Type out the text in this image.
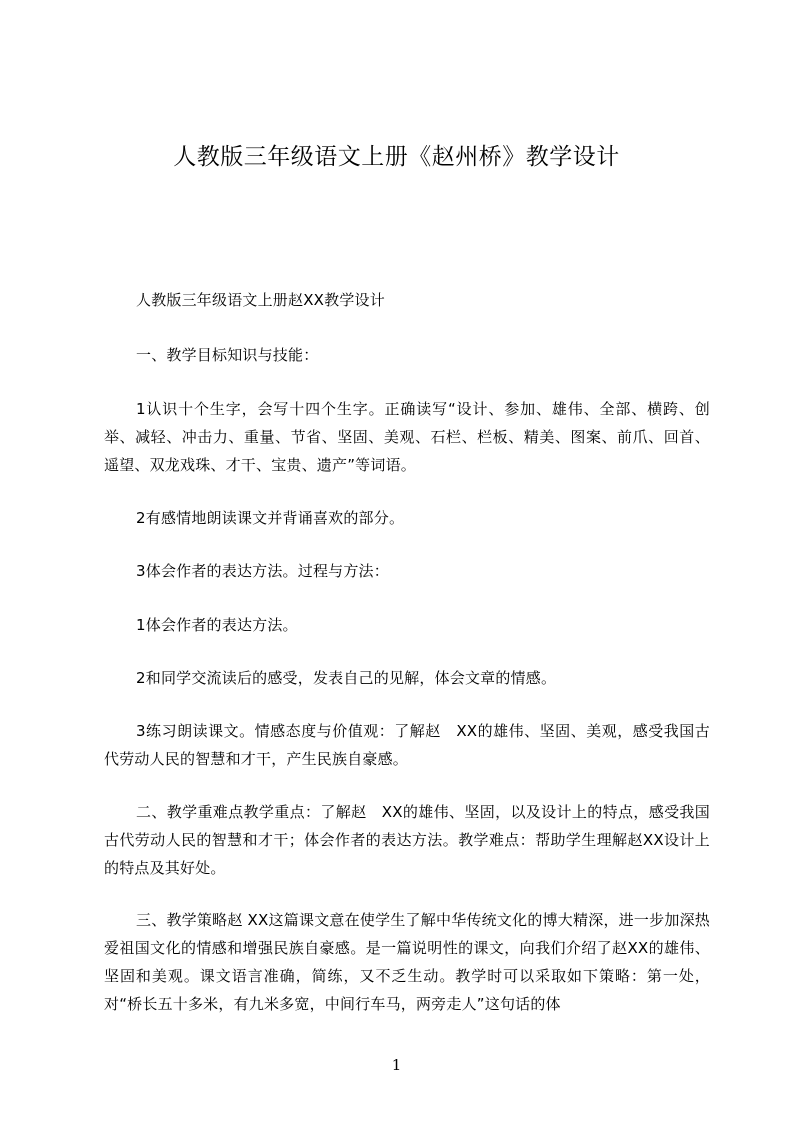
人教版三年级语文上册《赵州桥》教学设计

人教版三年级语文上册赵XX教学设计

一、教学目标知识与技能：

1认识十个生字，会写十四个生字。正确读写“设计、参加、雄伟、全部、横跨、创举、减轻、冲击力、重量、节省、坚固、美观、石栏、栏板、精美、图案、前爪、回首、遥望、双龙戏珠、才干、宝贵、遗产”等词语。

2有感情地朗读课文并背诵喜欢的部分。

3体会作者的表达方法。过程与方法：

1体会作者的表达方法。

2和同学交流读后的感受，发表自己的见解，体会文章的情感。

3练习朗读课文。情感态度与价值观：了解赵　XX的雄伟、坚固、美观，感受我国古代劳动人民的智慧和才干，产生民族自豪感。

二、教学重难点教学重点：了解赵　XX的雄伟、坚固，以及设计上的特点，感受我国古代劳动人民的智慧和才干；体会作者的表达方法。教学难点：帮助学生理解赵XX设计上的特点及其好处。

三、教学策略赵 XX这篇课文意在使学生了解中华传统文化的博大精深，进一步加深热爱祖国文化的情感和增强民族自豪感。是一篇说明性的课文，向我们介绍了赵XX的雄伟、坚固和美观。课文语言准确，简练，又不乏生动。教学时可以采取如下策略：第一处，对“桥长五十多米，有九米多宽，中间行车马，两旁走人”这句话的体

1
